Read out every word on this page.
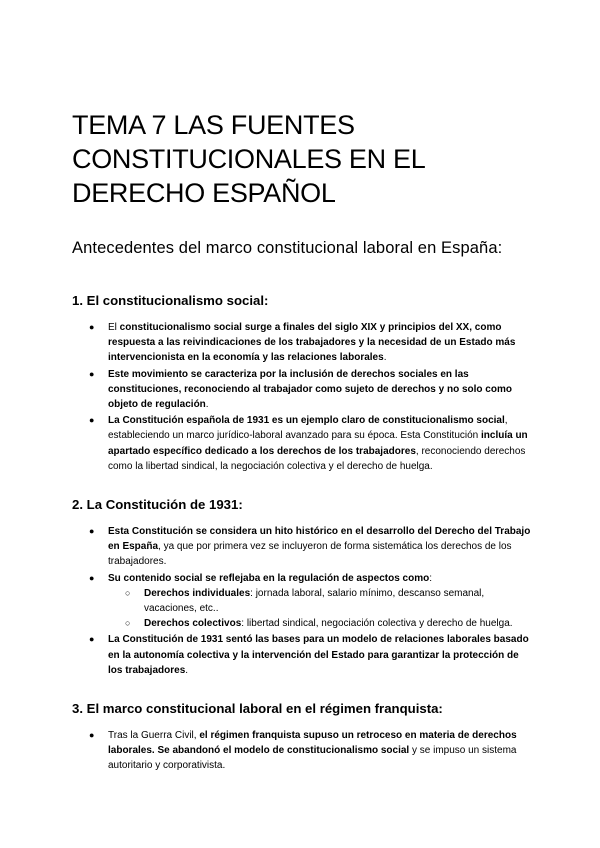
TEMA 7 LAS FUENTES CONSTITUCIONALES EN EL DERECHO ESPAÑOL
Antecedentes del marco constitucional laboral en España:
1. El constitucionalismo social:
● El constitucionalismo social surge a finales del siglo XIX y principios del XX, como respuesta a las reivindicaciones de los trabajadores y la necesidad de un Estado más intervencionista en la economía y las relaciones laborales.
● Este movimiento se caracteriza por la inclusión de derechos sociales en las constituciones, reconociendo al trabajador como sujeto de derechos y no solo como objeto de regulación.
● La Constitución española de 1931 es un ejemplo claro de constitucionalismo social, estableciendo un marco jurídico-laboral avanzado para su época. Esta Constitución incluía un apartado específico dedicado a los derechos de los trabajadores, reconociendo derechos como la libertad sindical, la negociación colectiva y el derecho de huelga.
2. La Constitución de 1931:
● Esta Constitución se considera un hito histórico en el desarrollo del Derecho del Trabajo en España, ya que por primera vez se incluyeron de forma sistemática los derechos de los trabajadores.
● Su contenido social se reflejaba en la regulación de aspectos como:
○ Derechos individuales: jornada laboral, salario mínimo, descanso semanal, vacaciones, etc..
○ Derechos colectivos: libertad sindical, negociación colectiva y derecho de huelga.
● La Constitución de 1931 sentó las bases para un modelo de relaciones laborales basado en la autonomía colectiva y la intervención del Estado para garantizar la protección de los trabajadores.
3. El marco constitucional laboral en el régimen franquista:
● Tras la Guerra Civil, el régimen franquista supuso un retroceso en materia de derechos laborales. Se abandonó el modelo de constitucionalismo social y se impuso un sistema autoritario y corporativista.
